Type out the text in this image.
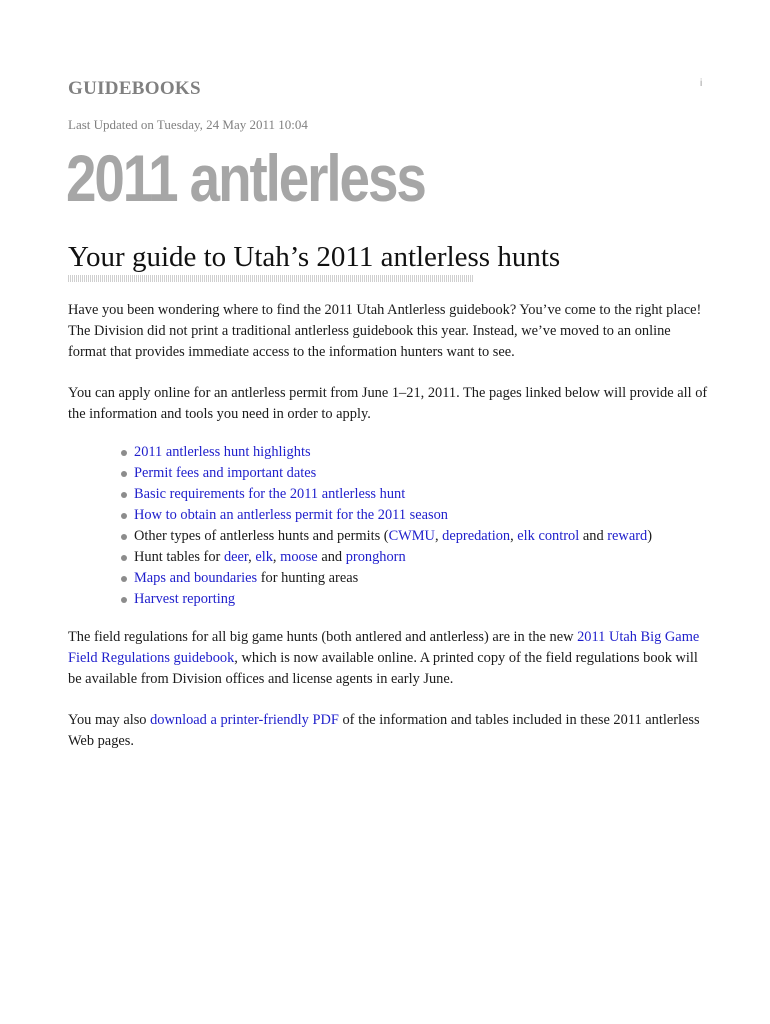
GUIDEBOOKS	i
Last Updated on Tuesday, 24 May 2011 10:04
2011 antlerless
Your guide to Utah’s 2011 antlerless hunts

Have you been wondering where to find the 2011 Utah Antlerless guidebook? You’ve come to the right place! The Division did not print a traditional antlerless guidebook this year. Instead, we’ve moved to an online format that provides immediate access to the information hunters want to see.

You can apply online for an antlerless permit from June 1–21, 2011. The pages linked below will provide all of the information and tools you need in order to apply.

2011 antlerless hunt highlights
Permit fees and important dates
Basic requirements for the 2011 antlerless hunt
How to obtain an antlerless permit for the 2011 season
Other types of antlerless hunts and permits (CWMU, depredation, elk control and reward)
Hunt tables for deer, elk, moose and pronghorn
Maps and boundaries for hunting areas
Harvest reporting

The field regulations for all big game hunts (both antlered and antlerless) are in the new 2011 Utah Big Game Field Regulations guidebook, which is now available online. A printed copy of the field regulations book will be available from Division offices and license agents in early June.

You may also download a printer-friendly PDF of the information and tables included in these 2011 antlerless Web pages.
